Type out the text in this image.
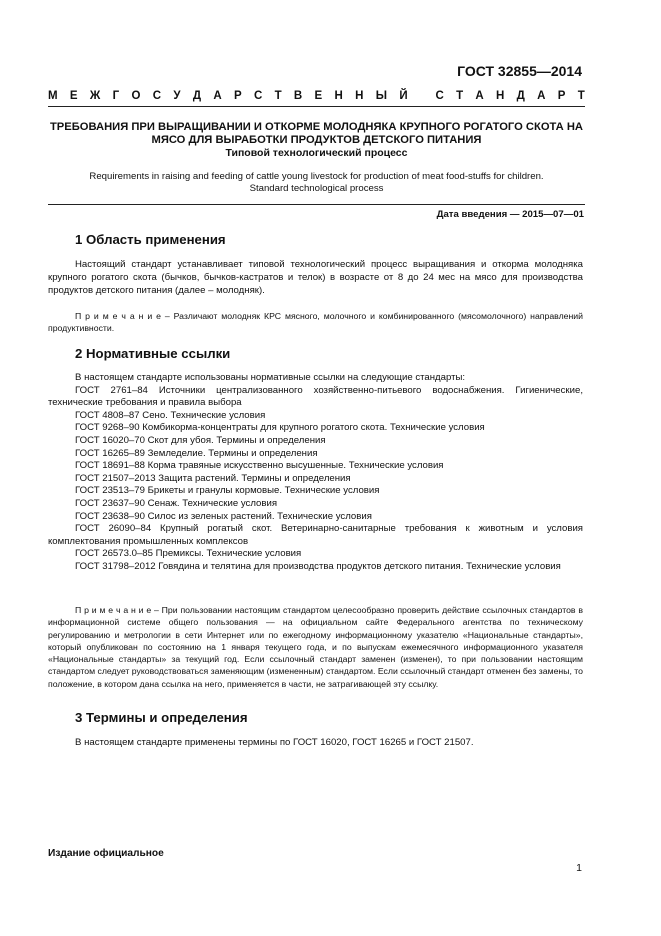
ГОСТ 32855—2014
М Е Ж Г О С У Д А Р С Т В Е Н Н Ы Й
С Т А Н Д А Р Т
ТРЕБОВАНИЯ ПРИ ВЫРАЩИВАНИИ И ОТКОРМЕ МОЛОДНЯКА КРУПНОГО РОГАТОГО СКОТА НА
МЯСО ДЛЯ ВЫРАБОТКИ ПРОДУКТОВ ДЕТСКОГО ПИТАНИЯ
Типовой технологический процесс
Requirements in raising and feeding of cattle young livestock for production of meat food-stuffs for children.
Standard technological process
Дата введения — 2015—07—01
1 Область применения
Настоящий стандарт устанавливает типовой технологический процесс выращивания и откорма молодняка крупного рогатого скота (бычков, бычков-кастратов и телок) в возрасте от 8 до 24 мес на мясо для производства продуктов детского питания (далее – молодняк).
П р и м е ч а н и е – Различают молодняк КРС мясного, молочного и комбинированного (мясомолочного) направлений продуктивности.
2 Нормативные ссылки
В настоящем стандарте использованы нормативные ссылки на следующие стандарты:
ГОСТ 2761–84 Источники централизованного хозяйственно-питьевого водоснабжения. Гигиенические, технические требования и правила выбора
ГОСТ 4808–87 Сено. Технические условия
ГОСТ 9268–90 Комбикорма-концентраты для крупного рогатого скота. Технические условия
ГОСТ 16020–70 Скот для убоя. Термины и определения
ГОСТ 16265–89 Земледелие. Термины и определения
ГОСТ 18691–88 Корма травяные искусственно высушенные. Технические условия
ГОСТ 21507–2013 Защита растений. Термины и определения
ГОСТ 23513–79 Брикеты и гранулы кормовые. Технические условия
ГОСТ 23637–90 Сенаж. Технические условия
ГОСТ 23638–90 Силос из зеленых растений. Технические условия
ГОСТ 26090–84 Крупный рогатый скот. Ветеринарно-санитарные требования к животным и условия комплектования промышленных комплексов
ГОСТ 26573.0–85 Премиксы. Технические условия
ГОСТ 31798–2012 Говядина и телятина для производства продуктов детского питания. Технические условия
П р и м е ч а н и е – При пользовании настоящим стандартом целесообразно проверить действие ссылочных стандартов в информационной системе общего пользования — на официальном сайте Федерального агентства по техническому регулированию и метрологии в сети Интернет или по ежегодному информационному указателю «Национальные стандарты», который опубликован по состоянию на 1 января текущего года, и по выпускам ежемесячного информационного указателя «Национальные стандарты» за текущий год. Если ссылочный стандарт заменен (изменен), то при пользовании настоящим стандартом следует руководствоваться заменяющим (измененным) стандартом. Если ссылочный стандарт отменен без замены, то положение, в котором дана ссылка на него, применяется в части, не затрагивающей эту ссылку.
3 Термины и определения
В настоящем стандарте применены термины по ГОСТ 16020, ГОСТ 16265 и ГОСТ 21507.
Издание официальное
1
